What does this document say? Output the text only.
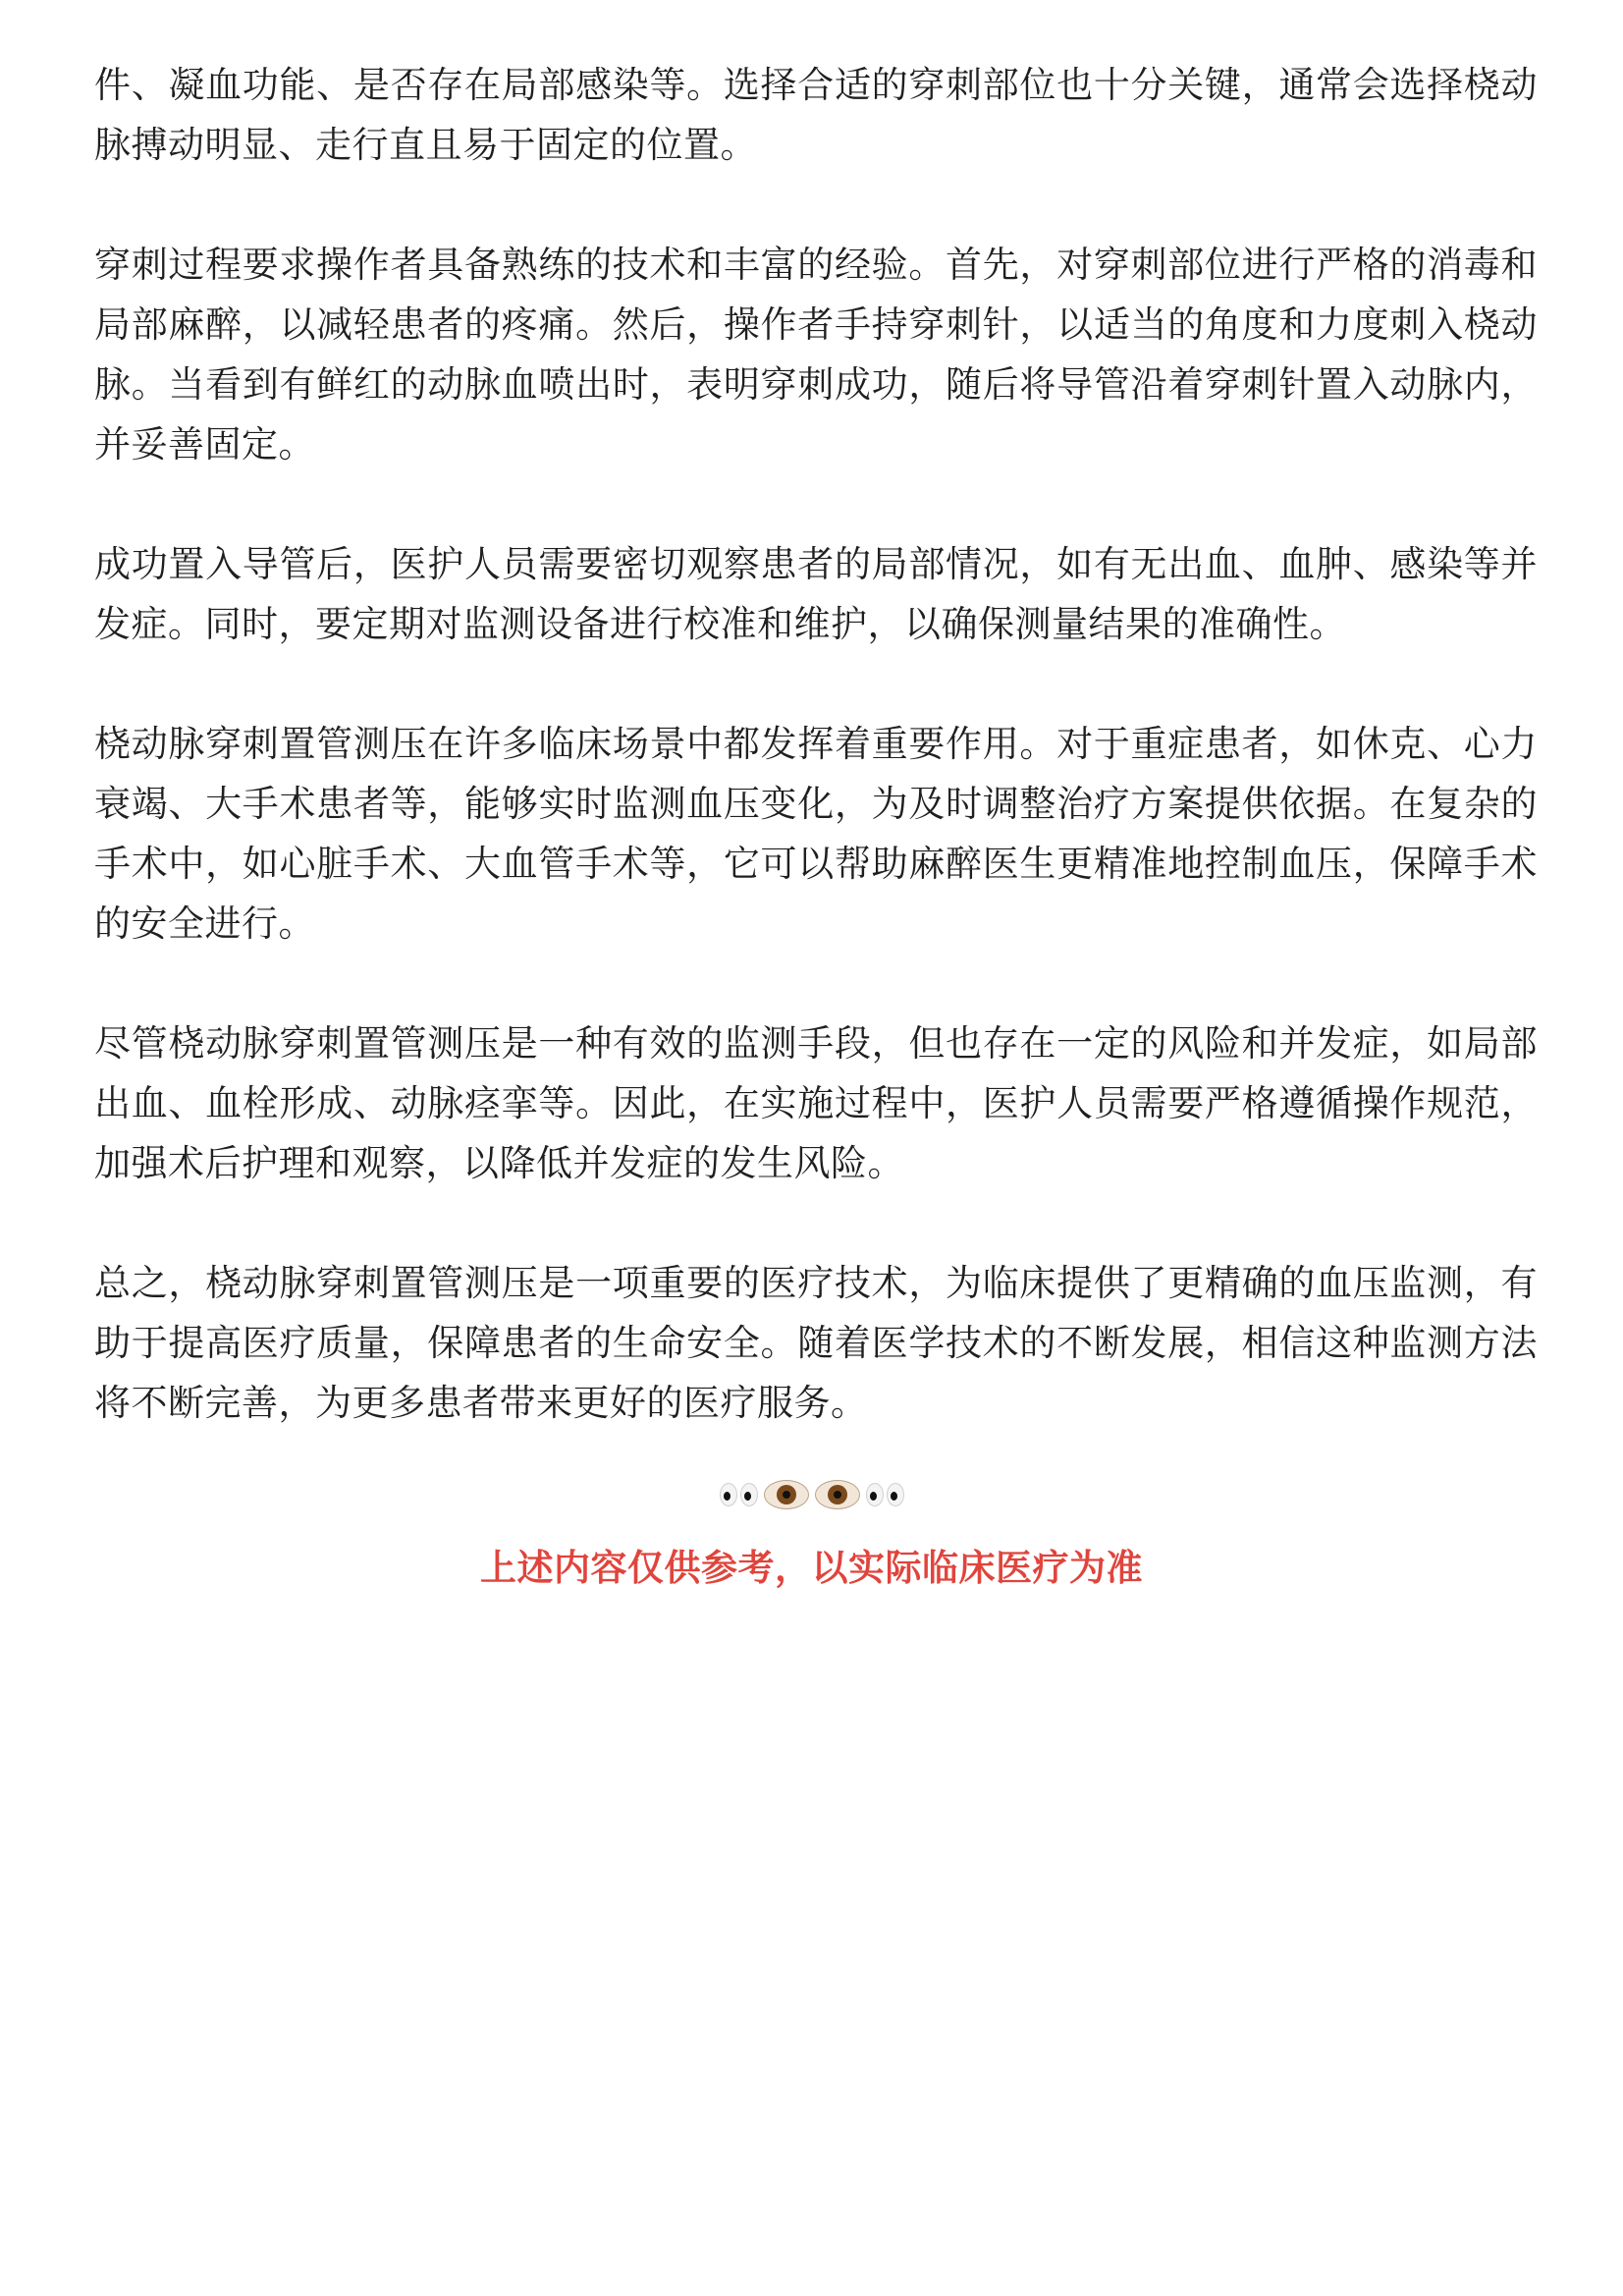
件、凝血功能、是否存在局部感染等。选择合适的穿刺部位也十分关键，通常会选择桡动脉搏动明显、走行直且易于固定的位置。

穿刺过程要求操作者具备熟练的技术和丰富的经验。首先，对穿刺部位进行严格的消毒和局部麻醉，以减轻患者的疼痛。然后，操作者手持穿刺针，以适当的角度和力度刺入桡动脉。当看到有鲜红的动脉血喷出时，表明穿刺成功，随后将导管沿着穿刺针置入动脉内，并妥善固定。

成功置入导管后，医护人员需要密切观察患者的局部情况，如有无出血、血肿、感染等并发症。同时，要定期对监测设备进行校准和维护，以确保测量结果的准确性。

桡动脉穿刺置管测压在许多临床场景中都发挥着重要作用。对于重症患者，如休克、心力衰竭、大手术患者等，能够实时监测血压变化，为及时调整治疗方案提供依据。在复杂的手术中，如心脏手术、大血管手术等，它可以帮助麻醉医生更精准地控制血压，保障手术的安全进行。

尽管桡动脉穿刺置管测压是一种有效的监测手段，但也存在一定的风险和并发症，如局部出血、血栓形成、动脉痉挛等。因此，在实施过程中，医护人员需要严格遵循操作规范，加强术后护理和观察，以降低并发症的发生风险。

总之，桡动脉穿刺置管测压是一项重要的医疗技术，为临床提供了更精确的血压监测，有助于提高医疗质量，保障患者的生命安全。随着医学技术的不断发展，相信这种监测方法将不断完善，为更多患者带来更好的医疗服务。

上述内容仅供参考，以实际临床医疗为准
